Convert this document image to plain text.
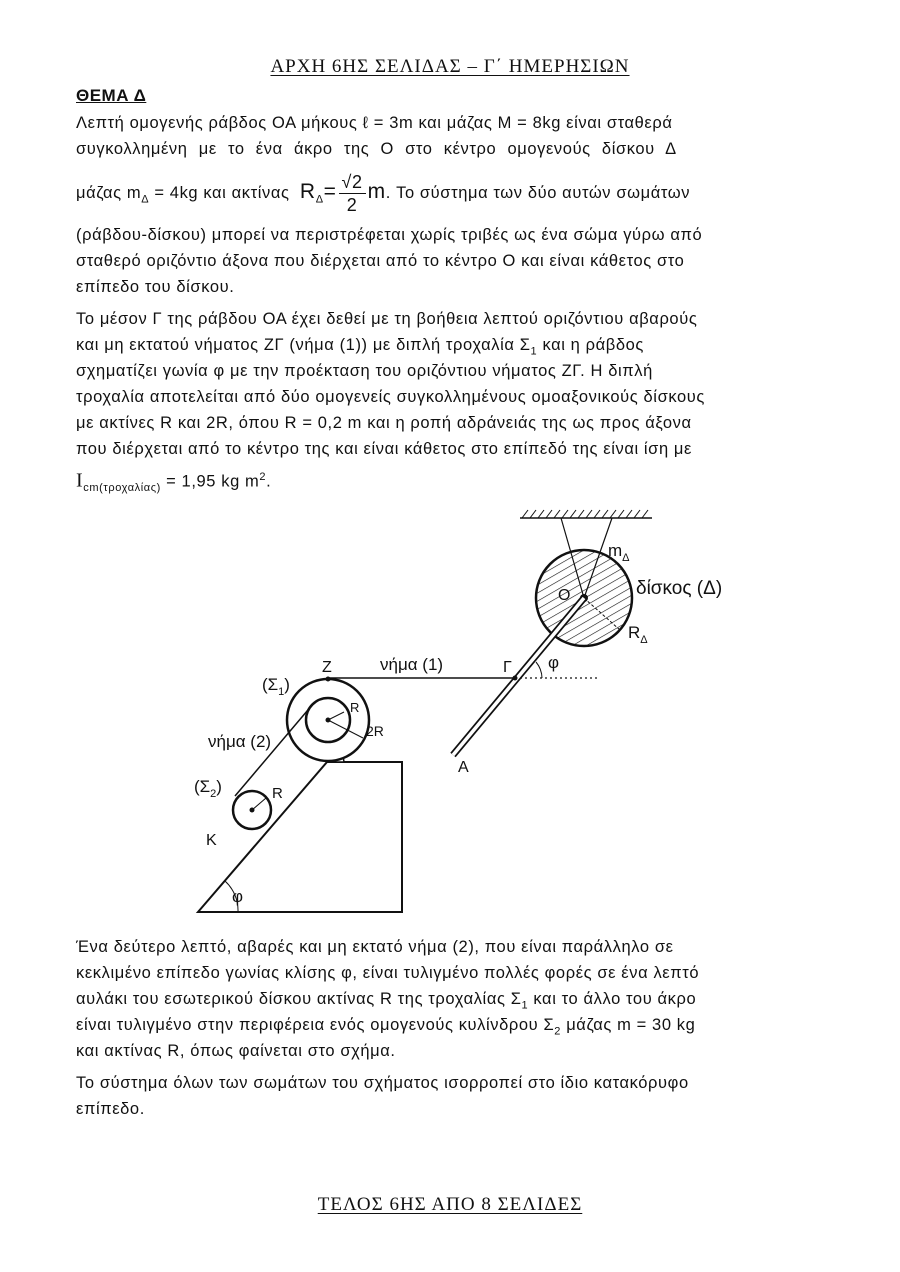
ΑΡΧΗ 6ΗΣ ΣΕΛΙΔΑΣ – Γ΄ ΗΜΕΡΗΣΙΩΝ
ΘΕΜΑ Δ
Λεπτή ομογενής ράβδος ΟΑ μήκους ℓ = 3m και μάζας Μ = 8kg είναι σταθερά
συγκολλημένη με το ένα άκρο της Ο στο κέντρο ομογενούς δίσκου Δ
μάζας $m_\Delta = 4kg$ και ακτίνας $R_\Delta= \frac{√2}{2} m$. Το σύστημα των δύο αυτών σωμάτων
(ράβδου-δίσκου) μπορεί να περιστρέφεται χωρίς τριβές ως ένα σώμα γύρω από
σταθερό οριζόντιο άξονα που διέρχεται από το κέντρο Ο και είναι κάθετος στο
επίπεδο του δίσκου.
Το μέσον Γ της ράβδου ΟΑ έχει δεθεί με τη βοήθεια λεπτού οριζόντιου αβαρούς
και μη εκτατού νήματος ΖΓ (νήμα (1)) με διπλή τροχαλία $\Sigma_1$ και η ράβδος
σχηματίζει γωνία φ με την προέκταση του οριζόντιου νήματος ΖΓ. Η διπλή
τροχαλία αποτελείται από δύο ομογενείς συγκολλημένους ομοαξονικούς δίσκους
με ακτίνες R και 2R, όπου R = 0,2 m και η ροπή αδράνειάς της ως προς άξονα
που διέρχεται από το κέντρο της και είναι κάθετος στο επίπεδό της είναι ίση με
$I_{cm(\tau\rho o\chi\alpha\lambda ί\alpha\varsigma)} = 1,95$ kg $m^2$.
$m_\Delta$
δίσκος (Δ)
O
$R_\Delta$
φ
Γ
νήμα (1)
Z
$(\Sigma_1)$
R
2R
νήμα (2)
A
$(\Sigma_2)$	R
K
φ
Ένα δεύτερο λεπτό, αβαρές και μη εκτατό νήμα (2), που είναι παράλληλο σε
κεκλιμένο επίπεδο γωνίας κλίσης φ, είναι τυλιγμένο πολλές φορές σε ένα λεπτό
αυλάκι του εσωτερικού δίσκου ακτίνας R της τροχαλίας $\Sigma_1$ και το άλλο του άκρο
είναι τυλιγμένο στην περιφέρεια ενός ομογενούς κυλίνδρου $\Sigma_2$ μάζας m = 30 kg
και ακτίνας R, όπως φαίνεται στο σχήμα.
Το σύστημα όλων των σωμάτων του σχήματος ισορροπεί στο ίδιο κατακόρυφο
επίπεδο.
ΤΕΛΟΣ 6ΗΣ ΑΠΟ 8 ΣΕΛΙΔΕΣ
